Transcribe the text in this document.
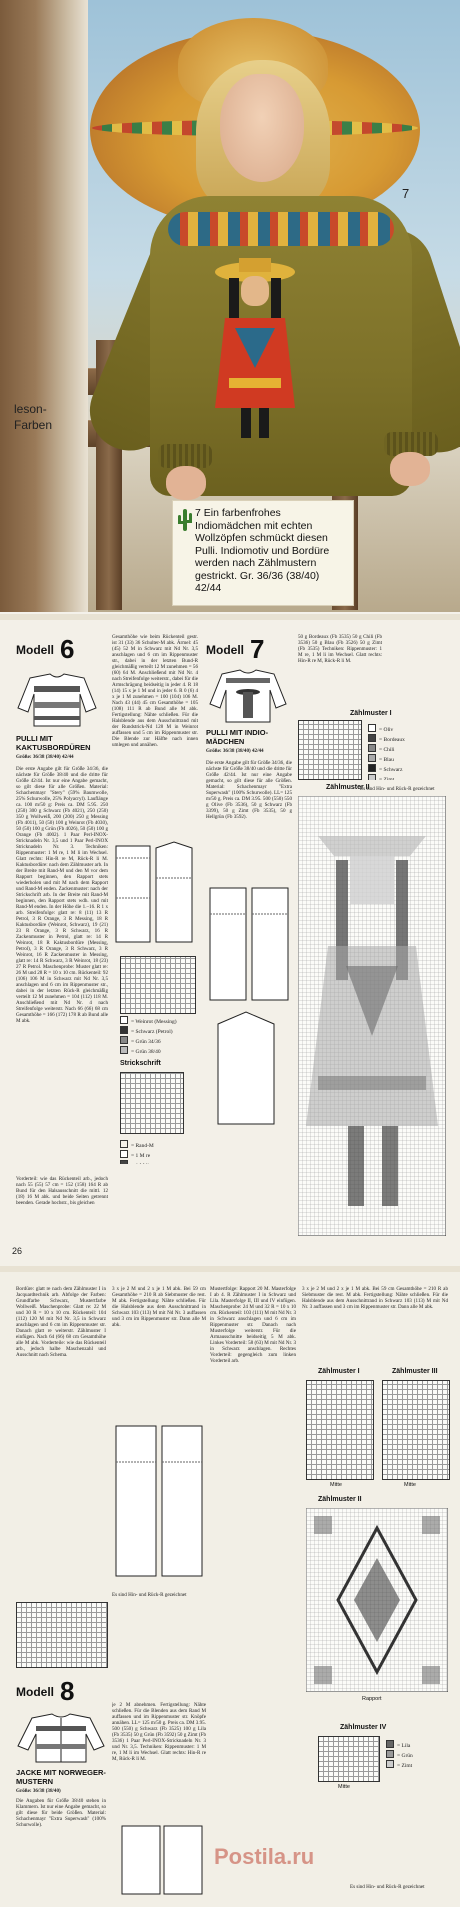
leson-
Farben
7
7 Ein farbenfrohes Indiomädchen mit echten Wollzöpfen schmückt diesen Pulli. Indiomotiv und Bordüre werden nach Zählmustern gestrickt. Gr. 36/36 (38/40) 42/44
Modell 6
PULLI MIT KAKTUSBORDÜREN
Größe: 36/38 (38/40) 42/44
Die erste Angabe gilt für Größe 34/36, die nächste für Größe 38/40 und die dritte für Größe 42/44. Ist nur eine Angabe gemacht, so gilt diese für alle Größen. Material: Schachenmayr "Stery" (59% Baumwolle, 25% Schurwolle, 25% Polyacryl). Lauflänge ca. 100 m/50 g: Preis ca. DM 5.95. 250 (250) 300 g Schwarz (Fb 4021), 250 (250) 350 g Wollweiß, 200 (200) 250 g Messing (Fb 4011), 50 (50) 100 g Weinrot (Fb 4030), 50 (50) 100 g Grün (Fb 4026), 50 (50) 100 g Orange (Fb 4002). 1 Paar Perl-INOX-Stricknadeln Nr. 3,5 und 1 Paar Perl-INOX Stricknadeln Nr. 3. Techniken: Rippenmuster: 1 M re, 1 M li im Wechsel. Glatt rechts: Hin-R re M, Rück-R li M. Kaktusbordüre: nach dem Zählmuster arb. In der Breite mit Rand-M und den M vor dem Rapport beginnen, den Rapport stets wiederholen und mit M nach dem Rapport und Rand-M enden. Zackenmuster: nach der Strickschrift arb. In der Breite mit Rand-M beginnen, den Rapport stets wdh. und mit Rand-M enden. In der Höhe die 1.–16. R 1 x arb. Streifenfolge: glatt re: 8 (11) 13 R Petrol, 3 R Orange, 3 R Messing, 18 R Kaktusbordüre (Weinrot, Schwarz), 19 (21) 23 R Orange, 3 R Schwarz, 16 R Zackenmuster in Petrol, glatt re: 14 R Weinrot, 18 R Kaktusbordüre (Messing, Petrol), 3 R Orange, 3 R Schwarz, 3 R Weinrot, 16 R Zackenmuster in Messing, glatt re: 14 R Schwarz, 3 R Weinrot, 18 (23) 27 R Petrol. Maschenprobe: Muster glatt re: 26 M und 28 R = 10 x 10 cm. Rückenteil: 92 (106) 106 M in Schwarz mit Nd Nr. 3,5 anschlagen und 6 cm im Rippenmuster str., dabei in der letzten Rück-R gleichmäßig verteilt 12 M zunehmen = 104 (112) 118 M. Anschließend mit Nd Nr. 4 nach Streifenfolge weiterstr. Nach 66 (66) 68 cm Gesamthöhe = 166 (172) 178 R ab Bund alle M abk.
Vorderteil: wie das Rückenteil arb., jedoch nach 55 (55) 57 cm = 152 (158) 164 R ab Bund für den Halsausschnitt die mittl. 12 (18) 16 M abk. und beide Seiten getrennt beenden. Gerade hochstr., bis gleichen
Gesamthöhe wie beim Rückenteil gestr. ist 31 (33) 36 Schulter-M abk. Ärmel: 45 (45) 52 M in Schwarz mit Nd Nr. 3,5 anschlagen und 6 cm im Rippenmuster str., dabei in der letzten Bund-R gleichmäßig verteilt 12 M zunehmen = 56 (60) 64 M. Anschließend mit Nd Nr. 4 nach Streifenfolge weiterstr., dabei für die Armschrägung beidseitig in jeder 4. R 18 (14) 15 x je 1 M und in jeder 6. R 0 (6) 4 x je 1 M zunehmen = 100 (104) 106 M. Nach 43 (44) 45 cm Gesamthöhe = 105 (108) 111 R ab Bund alle M abk. Fertigstellung: Nähte schließen. Für die Halsblende aus dem Ausschnittrand mit der Rundstrick-Nd 128 M in Weinrot auffassen und 5 cm im Rippenmuster str. Die Blende zur Hälfte nach innen umlegen und annähen.
= Weinrot (Messing)
= Schwarz (Petrol)
= Grün 34/36
= Grün 38/40
Strickschrift
= Rand-M
= 1 M re
Modell 7
PULLI MIT INDIO-MÄDCHEN
Größe: 36/38 (38/40) 42/44
Die erste Angabe gilt für Größe 34/36, die nächste für Größe 38/40 und die dritte für Größe 42/44. Ist nur eine Angabe gemacht, so gilt diese für alle Größen. Material: Schachenmayr "Extra Superwash" (100% Schurwolle). LL= 125 m/50 g. Preis ca. DM 3.95. 500 (550) 550 g Olive (Fb 3536), 50 g Schwarz (Fb 3399), 50 g Zimt (Fb 3535), 50 g Hellgrün (Fb 3592).
50 g Bordeaux (Fb 3535) 50 g Chili (Fb 3536) 50 g Blau (Fb 3526) 50 g Zimt (Fb 3535) Techniken: Rippenmuster: 1 M re, 1 M li im Wechsel. Glatt rechts: Hin-R re M, Rück-R li M.
Zählmuster I
= Oliv
= Bordeaux
= Chili
= Blau
= Schwarz
= Zimt
Zählmuster II
Es sind Hin- und Rück-R gezeichnet
26
Bordüre: glatt re nach dem Zählmuster I in Jacquardtechnik arb. Abfolge der Farben: Grundfarbe Schwarz, Mustertfarbe Wollweiß. Maschenprobe: Glatt re: 22 M und 30 R = 10 x 10 cm. Rückenteil: 104 (112) 120 M mit Nd Nr. 3,5 in Schwarz anschlagen und 6 cm im Rippenmuster str. Danach glatt re weiterstr. Zählmuster I einfügen. Nach 64 (66) 68 cm Gesamthöhe alle M abk. Vorderteile: wie das Rückenteil arb., jedoch halbe Maschenzahl und Ausschnitt nach Schema.
Modell 8
JACKE MIT NORWEGER-MUSTERN
Größe: 36/38 (38/40)
Die Angaben für Größe 38/40 stehen in Klammern. Ist nur eine Angabe gemacht, so gilt diese für beide Größen. Material: Schachenmayr "Extra Superwash" (100% Schurwolle).
3 x je 2 M und 2 x je 1 M abk. Bei 59 cm Gesamthöhe = 210 R ab Siebmuster die rest. M abk. Fertigstellung: Nähte schließen. Für die Halsblende aus dem Ausschnittrand in Schwarz 103 (113) M mit Nd Nr. 3 auffassen und 3 cm im Rippenmuster str. Dann alle M abk.
Es sind Hin- und Rück-R gezeichnet
je 2 M abnehmen. Fertigstellung: Nähte schließen. Für die Blenden aus dem Rand M auffassen und im Rippenmuster str. Knöpfe annähen. LL= 125 m/50 g. Preis ca. DM 3.95. 500 (550) g Schwarz (Fb 3525) 100 g Lila (Fb 3535) 50 g Grün (Fb 3592) 50 g Zimt (Fb 3536) 1 Paar Perl-INOX-Stricknadeln Nr. 3 und Nr. 3,5. Techniken: Rippenmuster: 1 M re, 1 M li im Wechsel. Glatt rechts: Hin-R re M, Rück-R li M.
Mustertfolge: Rapport 20 M. Masterfolge I ab 4. R Zählmuster I in Schwarz und Lila. Masterfolge II, III und IV einfügen. Maschenprobe: 24 M und 32 R = 10 x 10 cm. Rückenteil: 103 (111) M mit Nd Nr. 3 in Schwarz anschlagen und 6 cm im Rippenmuster str. Danach nach Musterfolge weiterstr. Für die Armausschnitte beidseitig 5 M abk. Linkes Vorderteil: 58 (63) M mit Nd Nr. 3 in Schwarz anschlagen. Rechtes Vorderteil: gegengleich zum linken Vorderteil arb.
3 x je 2 M und 2 x je 1 M abk. Bei 59 cm Gesamthöhe = 210 R ab Siebmuster die rest. M abk. Fertigstellung: Nähte schließen. Für die Halsblende aus dem Ausschnittrand in Schwarz 103 (113) M mit Nd Nr. 3 auffassen und 3 cm im Rippenmuster str. Dann alle M abk.
Zählmuster I	Zählmuster III
Mitte	Mitte
Zählmuster II
Rapport
Zählmuster IV
Mitte
= Lila
= Grün
= Zimt
Es sind Hin- und Rück-R gezeichnet
Postila.ru
